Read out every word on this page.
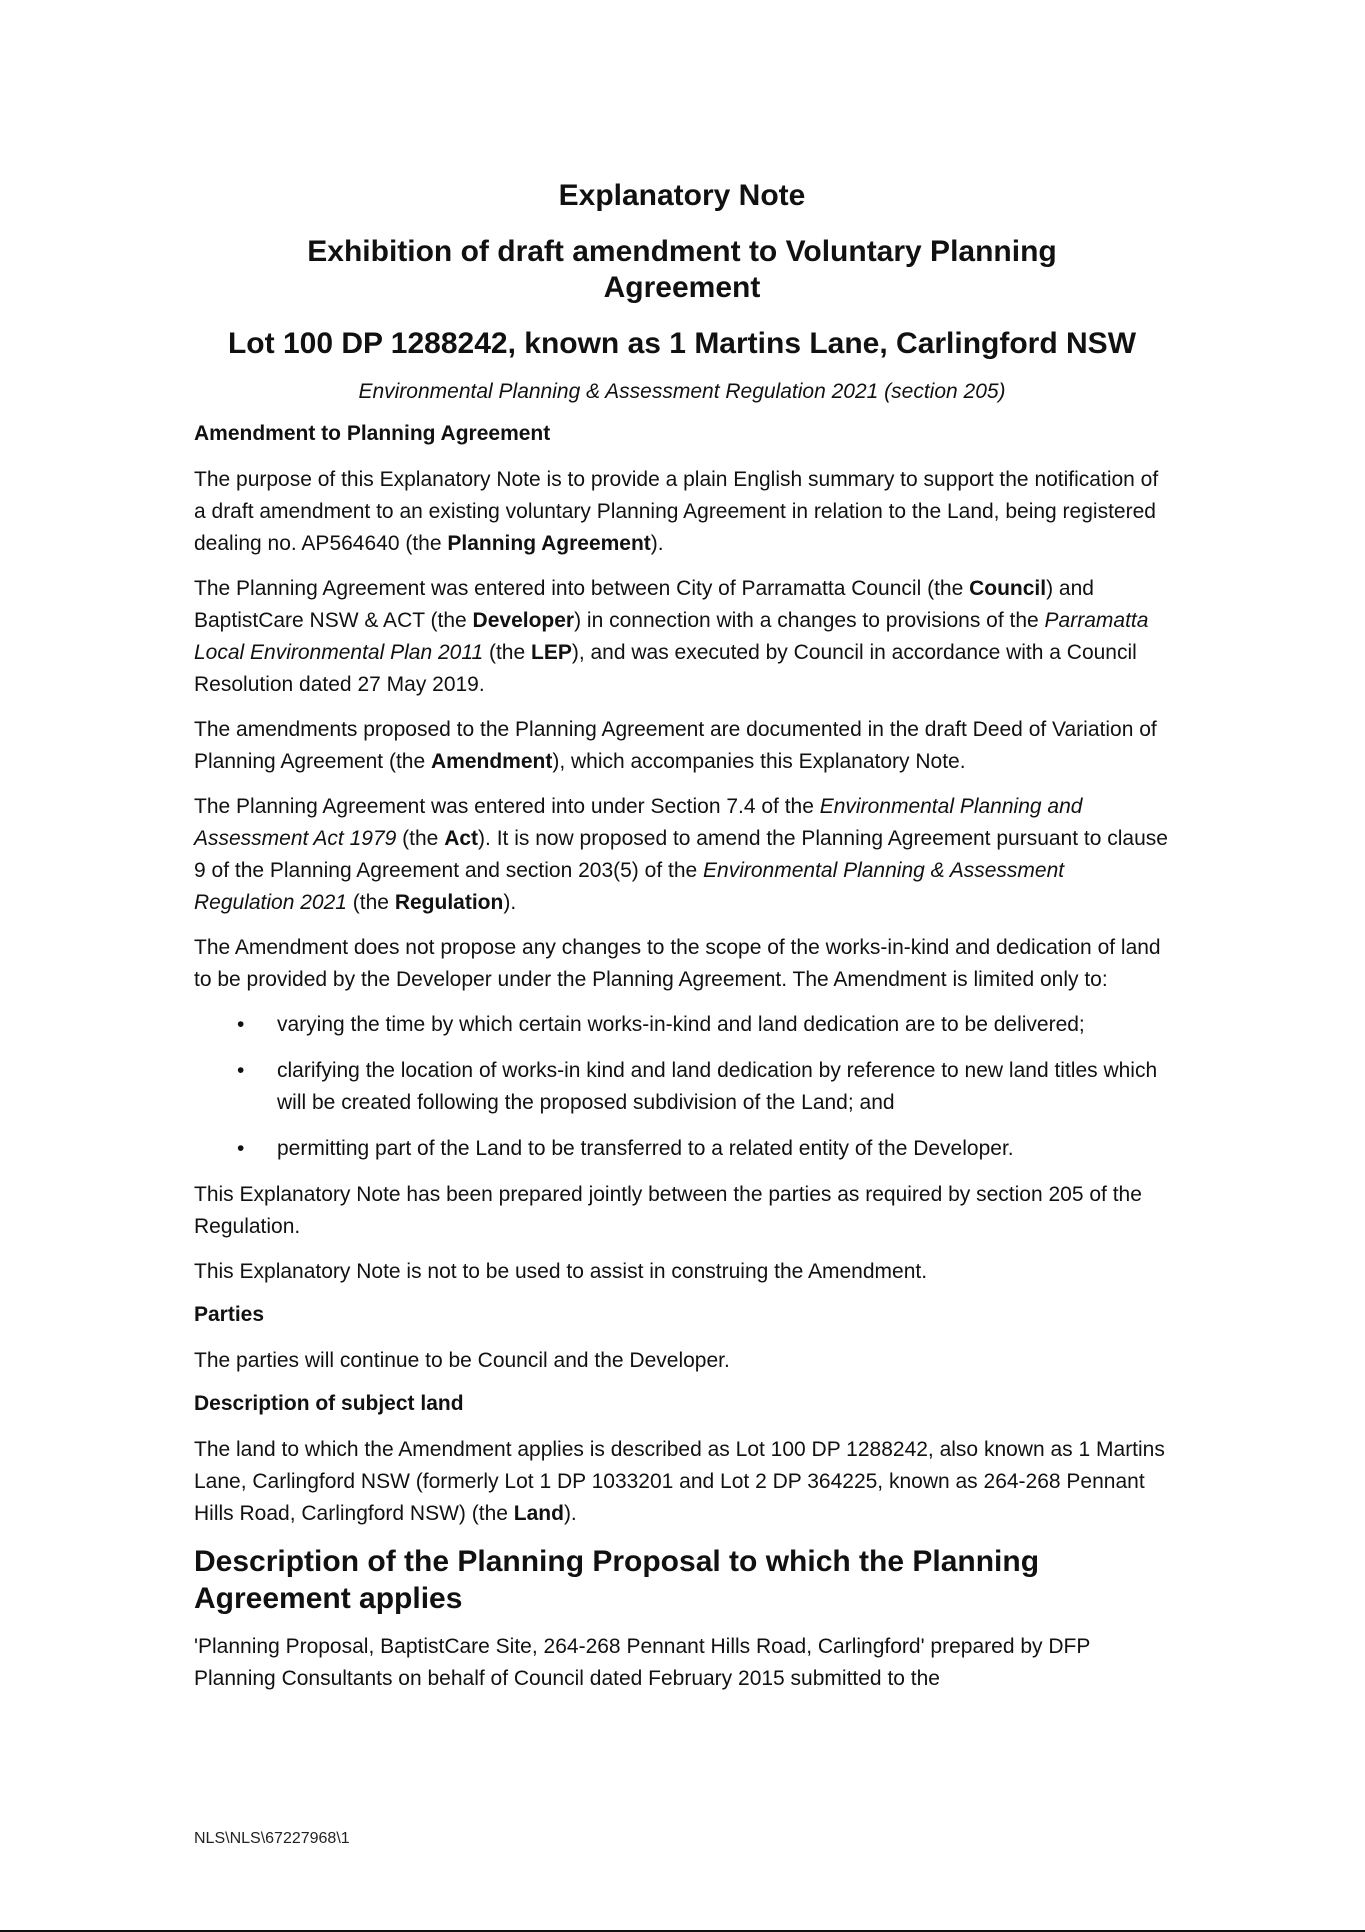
Explanatory Note
Exhibition of draft amendment to Voluntary Planning Agreement
Lot 100 DP 1288242, known as 1 Martins Lane, Carlingford NSW
Environmental Planning & Assessment Regulation 2021 (section 205)
Amendment to Planning Agreement

The purpose of this Explanatory Note is to provide a plain English summary to support the notification of a draft amendment to an existing voluntary Planning Agreement in relation to the Land, being registered dealing no. AP564640 (the Planning Agreement).

The Planning Agreement was entered into between City of Parramatta Council (the Council) and BaptistCare NSW & ACT (the Developer) in connection with a changes to provisions of the Parramatta Local Environmental Plan 2011 (the LEP), and was executed by Council in accordance with a Council Resolution dated 27 May 2019.

The amendments proposed to the Planning Agreement are documented in the draft Deed of Variation of Planning Agreement (the Amendment), which accompanies this Explanatory Note.

The Planning Agreement was entered into under Section 7.4 of the Environmental Planning and Assessment Act 1979 (the Act). It is now proposed to amend the Planning Agreement pursuant to clause 9 of the Planning Agreement and section 203(5) of the Environmental Planning & Assessment Regulation 2021 (the Regulation).

The Amendment does not propose any changes to the scope of the works-in-kind and dedication of land to be provided by the Developer under the Planning Agreement. The Amendment is limited only to:

• varying the time by which certain works-in-kind and land dedication are to be delivered;
• clarifying the location of works-in kind and land dedication by reference to new land titles which will be created following the proposed subdivision of the Land; and
• permitting part of the Land to be transferred to a related entity of the Developer.

This Explanatory Note has been prepared jointly between the parties as required by section 205 of the Regulation.

This Explanatory Note is not to be used to assist in construing the Amendment.

Parties

The parties will continue to be Council and the Developer.

Description of subject land

The land to which the Amendment applies is described as Lot 100 DP 1288242, also known as 1 Martins Lane, Carlingford NSW (formerly Lot 1 DP 1033201 and Lot 2 DP 364225, known as 264-268 Pennant Hills Road, Carlingford NSW) (the Land).

Description of the Planning Proposal to which the Planning Agreement applies

'Planning Proposal, BaptistCare Site, 264-268 Pennant Hills Road, Carlingford' prepared by DFP Planning Consultants on behalf of Council dated February 2015 submitted to the

NLS\NLS\67227968\1
